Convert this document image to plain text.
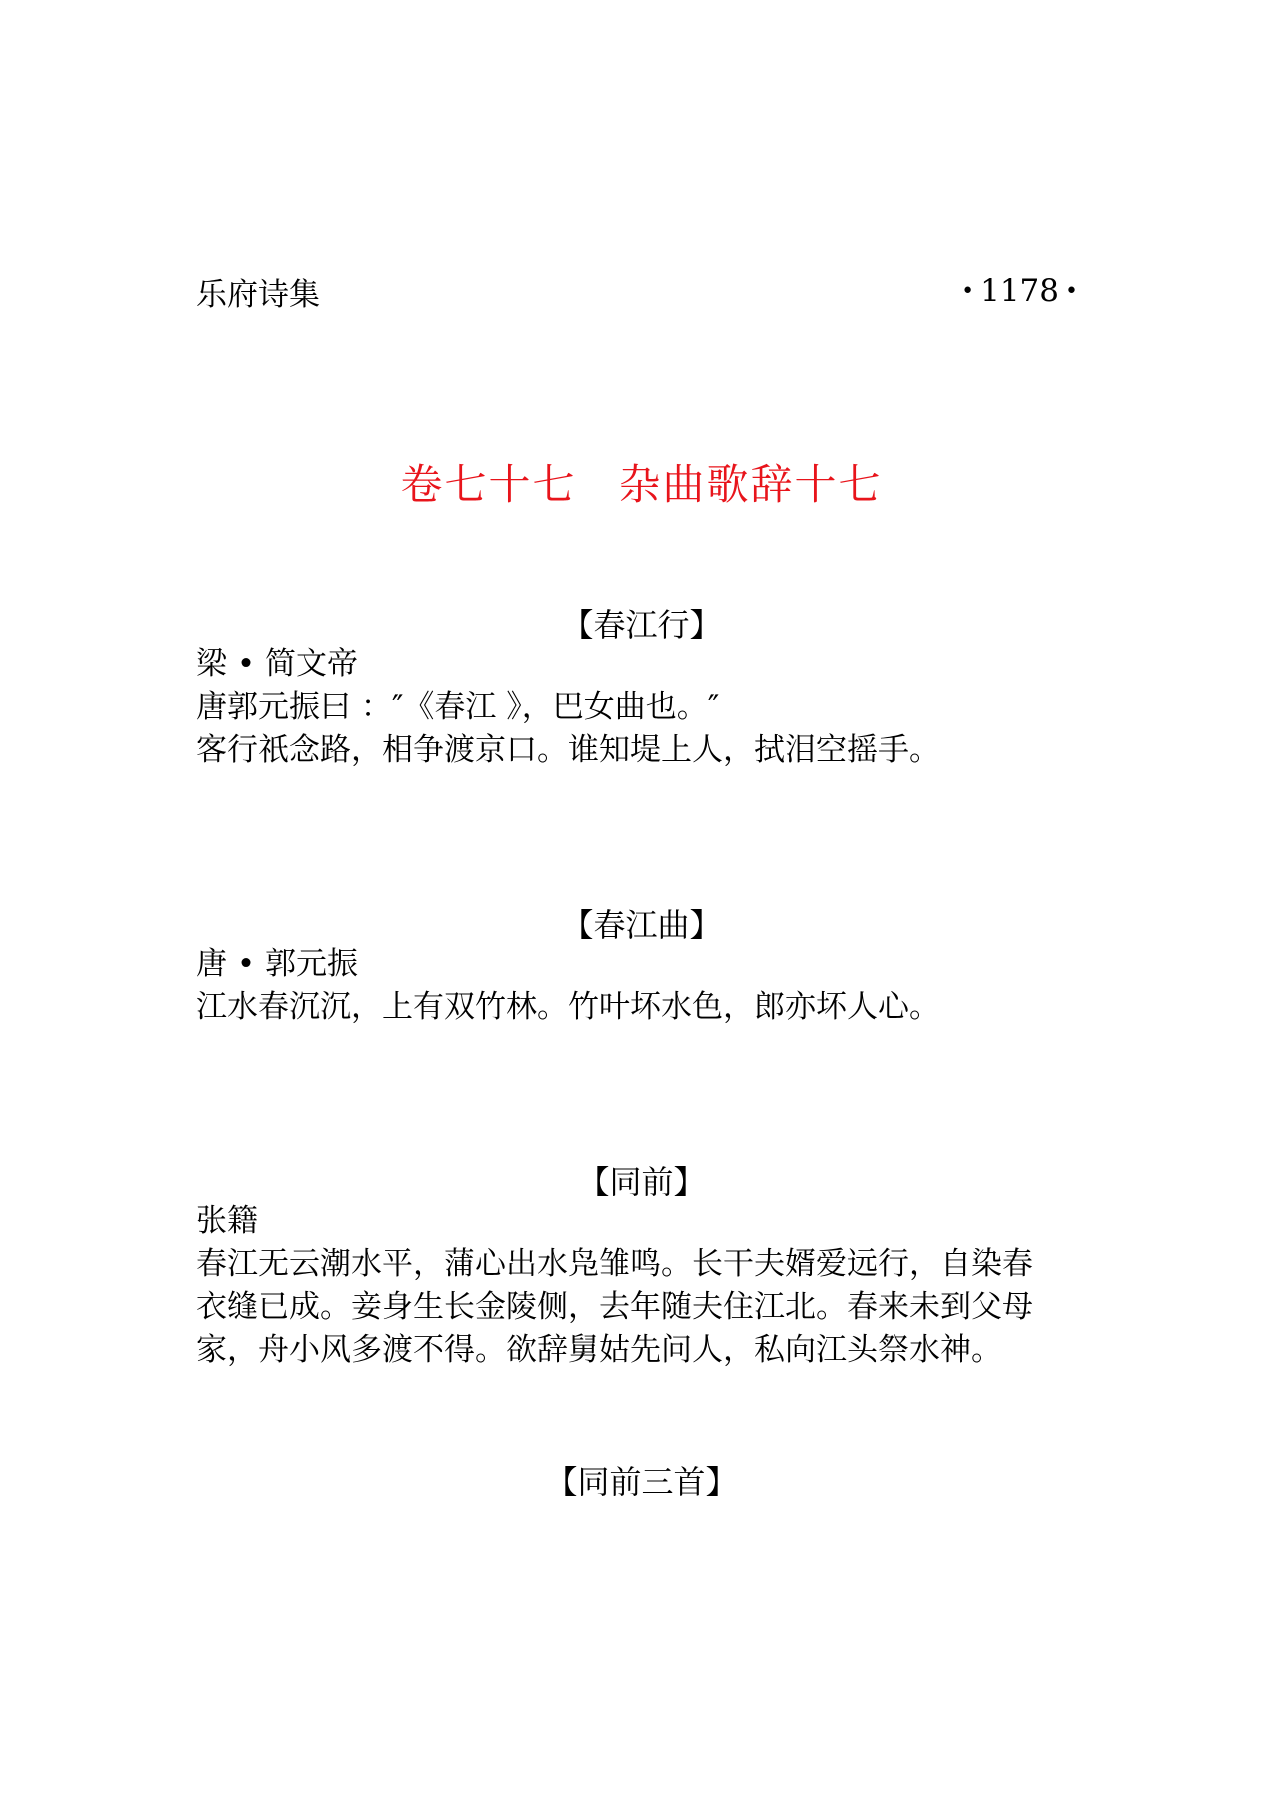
乐府诗集	• 1178 •
卷七十七 杂曲歌辞十七
【春江行】
梁 • 简文帝
唐郭元振曰 ：″《春江 》，巴女曲也。″
客行祇念路，相争渡京口。谁知堤上人，拭泪空摇手。
【春江曲】
唐 • 郭元振
江水春沉沉，上有双竹林。竹叶坏水色，郎亦坏人心。
【同前】
张籍
春江无云潮水平，蒲心出水凫雏鸣。长干夫婿爱远行，自染春
衣缝已成。妾身生长金陵侧，去年随夫住江北。春来未到父母
家，舟小风多渡不得。欲辞舅姑先问人，私向江头祭水神。
【同前三首】
